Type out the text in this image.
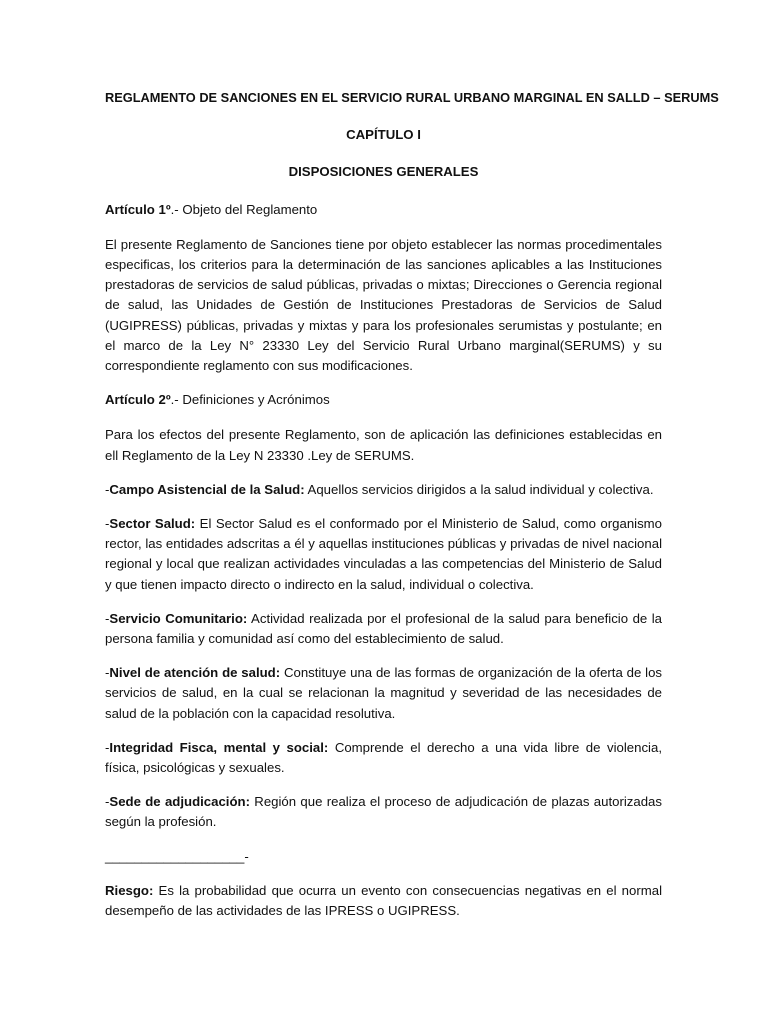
REGLAMENTO DE SANCIONES EN EL SERVICIO RURAL URBANO MARGINAL EN SALLD – SERUMS

CAPÍTULO I

DISPOSICIONES GENERALES

Artículo 1º.- Objeto del Reglamento

El presente Reglamento de Sanciones tiene por objeto establecer las normas procedimentales especificas, los criterios para la determinación de las sanciones aplicables a las Instituciones prestadoras de servicios de salud públicas, privadas o mixtas; Direcciones o Gerencia regional de salud, las Unidades de Gestión de Instituciones Prestadoras de Servicios de Salud (UGIPRESS) públicas, privadas y mixtas y para los profesionales serumistas y postulante; en el marco de la Ley N° 23330 Ley del Servicio Rural Urbano marginal(SERUMS) y su correspondiente reglamento con sus modificaciones.

Artículo 2º.- Definiciones y Acrónimos

Para los efectos del presente Reglamento, son de aplicación las definiciones establecidas en ell Reglamento de la Ley N 23330 .Ley de SERUMS.

-Campo Asistencial de la Salud: Aquellos servicios dirigidos a la salud individual y colectiva.

-Sector Salud: El Sector Salud es el conformado por el Ministerio de Salud, como organismo rector, las entidades adscritas a él y aquellas instituciones públicas y privadas de nivel nacional regional y local que realizan actividades vinculadas a las competencias del Ministerio de Salud y que tienen impacto directo o indirecto en la salud, individual o colectiva.

-Servicio Comunitario: Actividad realizada por el profesional de la salud para beneficio de la persona familia y comunidad así como del establecimiento de salud.

-Nivel de atención de salud: Constituye una de las formas de organización de la oferta de los servicios de salud, en la cual se relacionan la magnitud y severidad de las necesidades de salud de la población con la capacidad resolutiva.

-Integridad Fisca, mental y social: Comprende el derecho a una vida libre de violencia, física, psicológicas y sexuales.

-Sede de adjudicación: Región que realiza el proceso de adjudicación de plazas autorizadas según la profesión.

___________________-

Riesgo: Es la probabilidad que ocurra un evento con consecuencias negativas en el normal desempeño de las actividades de las IPRESS o UGIPRESS.
